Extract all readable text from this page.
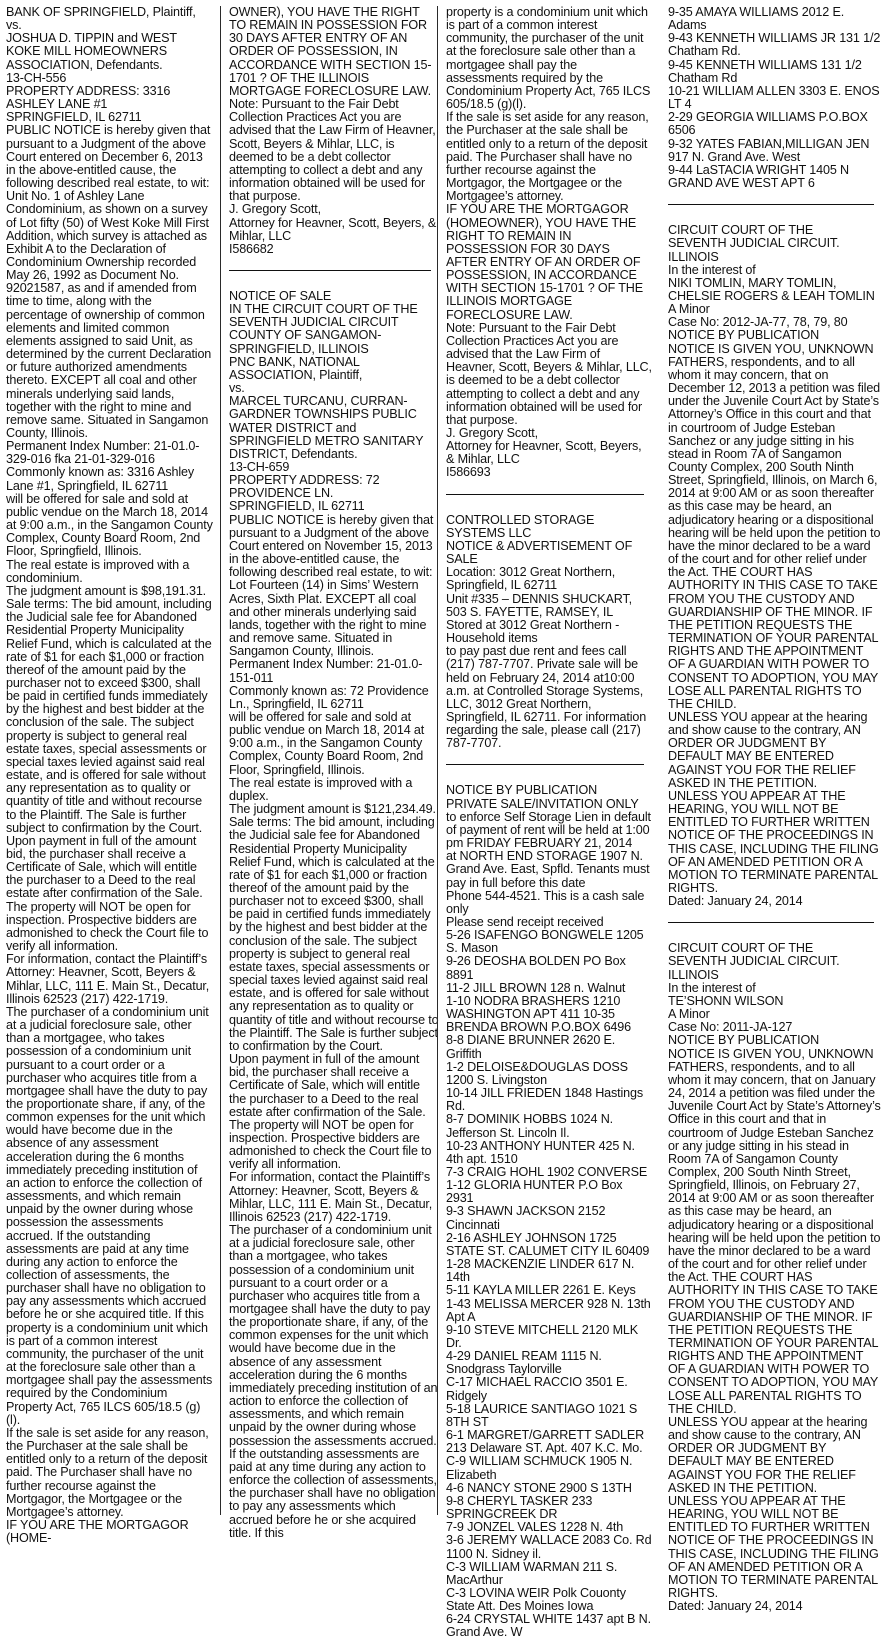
BANK OF SPRINGFIELD, Plaintiff,

vs.

JOSHUA D. TIPPIN and WEST KOKE MILL HOMEOWNERS ASSOCIATION, Defendants.

13-CH-556

PROPERTY ADDRESS: 3316 ASHLEY LANE #1

SPRINGFIELD, IL 62711

PUBLIC NOTICE is hereby given that pursuant to a Judgment of the above Court entered on December 6, 2013 in the above-entitled cause, the following described real estate, to wit:

Unit No. 1 of Ashley Lane Condominium, as shown on a survey of Lot fifty (50) of West Koke Mill First Addition, which survey is attached as Exhibit A to the Declaration of Condominium Ownership recorded May 26, 1992 as Document No. 92021587, as and if amended from time to time, along with the percentage of ownership of common elements and limited common elements assigned to said Unit, as determined by the current Declaration or future authorized amendments thereto. EXCEPT all coal and other minerals underlying said lands, together with the right to mine and remove same. Situated in Sangamon County, Illinois.

Permanent Index Number: 21-01.0-329-016 fka 21-01-329-016

Commonly known as: 3316 Ashley Lane #1, Springfield, IL 62711

will be offered for sale and sold at public vendue on the March 18, 2014 at 9:00 a.m., in the Sangamon County Complex, County Board Room, 2nd Floor, Springfield, Illinois.

The real estate is improved with a condominium.

The judgment amount is $98,191.31.

Sale terms: The bid amount, including the Judicial sale fee for Abandoned Residential Property Municipality Relief Fund, which is calculated at the rate of $1 for each $1,000 or fraction thereof of the amount paid by the purchaser not to exceed $300, shall be paid in certified funds immediately by the highest and best bidder at the conclusion of the sale. The subject property is subject to general real estate taxes, special assessments or special taxes levied against said real estate, and is offered for sale without any representation as to quality or quantity of title and without recourse to the Plaintiff. The Sale is further subject to confirmation by the Court.

Upon payment in full of the amount bid, the purchaser shall receive a Certificate of Sale, which will entitle the purchaser to a Deed to the real estate after confirmation of the Sale.

The property will NOT be open for inspection. Prospective bidders are admonished to check the Court file to verify all information.

For information, contact the Plaintiff’s Attorney: Heavner, Scott, Beyers & Mihlar, LLC, 111 E. Main St., Decatur, Illinois 62523 (217) 422-1719.

The purchaser of a condominium unit at a judicial foreclosure sale, other than a mortgagee, who takes possession of a condominium unit pursuant to a court order or a purchaser who acquires title from a mortgagee shall have the duty to pay the proportionate share, if any, of the common expenses for the unit which would have become due in the absence of any assessment acceleration during the 6 months immediately preceding institution of an action to enforce the collection of assessments, and which remain unpaid by the owner during whose possession the assessments accrued. If the outstanding assessments are paid at any time during any action to enforce the collection of assessments, the purchaser shall have no obligation to pay any assessments which accrued before he or she acquired title. If this property is a condominium unit which is part of a common interest community, the purchaser of the unit at the foreclosure sale other than a mortgagee shall pay the assessments required by the Condominium Property Act, 765 ILCS 605/18.5 (g)(l).

If the sale is set aside for any reason, the Purchaser at the sale shall be entitled only to a return of the deposit paid. The Purchaser shall have no further recourse against the Mortgagor, the Mortgagee or the Mortgagee’s attorney.

IF YOU ARE THE MORTGAGOR (HOME-

OWNER), YOU HAVE THE RIGHT TO REMAIN IN POSSESSION FOR 30 DAYS AFTER ENTRY OF AN ORDER OF POSSESSION, IN ACCORDANCE WITH SECTION 15-1701 ? OF THE ILLINOIS MORTGAGE FORECLOSURE LAW.

Note: Pursuant to the Fair Debt Collection Practices Act you are advised that the Law Firm of Heavner, Scott, Beyers & Mihlar, LLC, is deemed to be a debt collector attempting to collect a debt and any information obtained will be used for that purpose.

J. Gregory Scott,

Attorney for Heavner, Scott, Beyers, & Mihlar, LLC

I586682

NOTICE OF SALE

IN THE CIRCUIT COURT OF THE SEVENTH JUDICIAL CIRCUIT

COUNTY OF SANGAMON-SPRINGFIELD, ILLINOIS

PNC BANK, NATIONAL ASSOCIATION, Plaintiff,

vs.

MARCEL TURCANU, CURRAN- GARDNER TOWNSHIPS PUBLIC WATER DISTRICT and SPRINGFIELD METRO SANITARY DISTRICT, Defendants.

13-CH-659

PROPERTY ADDRESS: 72 PROVIDENCE LN.

SPRINGFIELD, IL 62711

PUBLIC NOTICE is hereby given that pursuant to a Judgment of the above Court entered on November 15, 2013 in the above-entitled cause, the following described real estate, to wit:

Lot Fourteen (14) in Sims’ Western Acres, Sixth Plat. EXCEPT all coal and other minerals underlying said lands, together with the right to mine and remove same. Situated in Sangamon County, Illinois.

Permanent Index Number: 21-01.0-151-011

Commonly known as: 72 Providence Ln., Springfield, IL 62711

will be offered for sale and sold at public vendue on March 18, 2014 at 9:00 a.m., in the Sangamon County Complex, County Board Room, 2nd Floor, Springfield, Illinois.

The real estate is improved with a duplex.

The judgment amount is $121,234.49.

Sale terms: The bid amount, including the Judicial sale fee for Abandoned Residential Property Municipality Relief Fund, which is calculated at the rate of $1 for each $1,000 or fraction thereof of the amount paid by the purchaser not to exceed $300, shall be paid in certified funds immediately by the highest and best bidder at the conclusion of the sale. The subject property is subject to general real estate taxes, special assessments or special taxes levied against said real estate, and is offered for sale without any representation as to quality or quantity of title and without recourse to the Plaintiff. The Sale is further subject to confirmation by the Court.

Upon payment in full of the amount bid, the purchaser shall receive a Certificate of Sale, which will entitle the purchaser to a Deed to the real estate after confirmation of the Sale.

The property will NOT be open for inspection. Prospective bidders are admonished to check the Court file to verify all information.

For information, contact the Plaintiff’s Attorney: Heavner, Scott, Beyers & Mihlar, LLC, 111 E. Main St., Decatur, Illinois 62523 (217) 422-1719.

The purchaser of a condominium unit at a judicial foreclosure sale, other than a mortgagee, who takes possession of a condominium unit pursuant to a court order or a purchaser who acquires title from a mortgagee shall have the duty to pay the proportionate share, if any, of the common expenses for the unit which would have become due in the absence of any assessment acceleration during the 6 months immediately preceding institution of an action to enforce the collection of assessments, and which remain unpaid by the owner during whose possession the assessments accrued. If the outstanding assessments are paid at any time during any action to enforce the collection of assessments, the purchaser shall have no obligation to pay any assessments which accrued before he or she acquired title. If this

property is a condominium unit which is part of a common interest community, the purchaser of the unit at the foreclosure sale other than a mortgagee shall pay the assessments required by the Condominium Property Act, 765 ILCS 605/18.5 (g)(l).

If the sale is set aside for any reason, the Purchaser at the sale shall be entitled only to a return of the deposit paid. The Purchaser shall have no further recourse against the Mortgagor, the Mortgagee or the Mortgagee’s attorney.

IF YOU ARE THE MORTGAGOR (HOMEOWNER), YOU HAVE THE RIGHT TO REMAIN IN POSSESSION FOR 30 DAYS AFTER ENTRY OF AN ORDER OF POSSESSION, IN ACCORDANCE WITH SECTION 15-1701 ? OF THE ILLINOIS MORTGAGE FORECLOSURE LAW.

Note: Pursuant to the Fair Debt Collection Practices Act you are advised that the Law Firm of Heavner, Scott, Beyers & Mihlar, LLC, is deemed to be a debt collector

attempting to collect a debt and any information obtained will be used for that purpose.

J. Gregory Scott,

Attorney for Heavner, Scott, Beyers, & Mihlar, LLC

I586693

CONTROLLED STORAGE SYSTEMS LLC

NOTICE & ADVERTISEMENT OF SALE

Location: 3012 Great Northern, Springfield, IL 62711

Unit #335 – DENNIS SHUCKART, 503 S. FAYETTE, RAMSEY, IL

Stored at 3012 Great Northern - Household items

to pay past due rent and fees call (217) 787-7707. Private sale will be held on February 24, 2014 at10:00 a.m. at Controlled Storage Systems, LLC, 3012 Great Northern, Springfield, IL 62711. For information regarding the sale, please call (217) 787-7707.

NOTICE BY PUBLICATION

PRIVATE SALE/INVITATION ONLY

to enforce Self Storage Lien in default of payment of rent will be held at 1:00 pm FRIDAY FEBRUARY 21, 2014

at NORTH END STORAGE 1907 N. Grand Ave. East, Spfld. Tenants must pay in full before this date

Phone 544-4521. This is a cash sale only

Please send receipt received

5-26 ISAFENGO BONGWELE 1205 S. Mason

9-26 DEOSHA BOLDEN PO Box 8891

11-2 JILL BROWN 128 n. Walnut

1-10 NODRA BRASHERS 1210 WASHINGTON APT 411 10-35 BRENDA BROWN P.O.BOX 6496

8-8 DIANE BRUNNER 2620 E. Griffith

1-2 DELOISE&DOUGLAS DOSS 1200 S. Livingston

10-14 JILL FRIEDEN 1848 Hastings Rd.

8-7 DOMINIK HOBBS 1024 N. Jefferson St. Lincoln Il.

10-23 ANTHONY HUNTER 425 N. 4th apt. 1510

7-3 CRAIG HOHL 1902 CONVERSE

1-12 GLORIA HUNTER P.O Box 2931

9-3 SHAWN JACKSON 2152 Cincinnati

2-16 ASHLEY JOHNSON 1725 STATE ST. CALUMET CITY IL 60409

1-28 MACKENZIE LINDER 617 N. 14th

5-11 KAYLA MILLER 2261 E. Keys

1-43 MELISSA MERCER 928 N. 13th Apt A

9-10 STEVE MITCHELL 2120 MLK Dr.

4-29 DANIEL REAM 1115 N. Snodgrass Taylorville

C-17 MICHAEL RACCIO 3501 E. Ridgely

5-18 LAURICE SANTIAGO 1021 S 8TH ST

6-1 MARGRET/GARRETT SADLER 213 Delaware ST. Apt. 407 K.C. Mo.

C-9 WILLIAM SCHMUCK 1905 N. Elizabeth

4-6 NANCY STONE 2900 S 13TH

9-8 CHERYL TASKER 233 SPRINGCREEK DR

7-9 JONZEL VALES 1228 N. 4th

3-6 JEREMY WALLACE 2083 Co. Rd 1100 N. Sidney il.

C-3 WILLIAM WARMAN 211 S. MacArthur

C-3 LOVINA WEIR Polk Couonty State Att. Des Moines Iowa

6-24 CRYSTAL WHITE 1437 apt B N. Grand Ave. W

9-35 AMAYA WILLIAMS 2012 E. Adams

9-43 KENNETH WILLIAMS JR 131 1/2 Chatham Rd.

9-45 KENNETH WILLIAMS 131 1/2 Chatham Rd

10-21 WILLIAM ALLEN 3303 E. ENOS LT 4

2-29 GEORGIA WILLIAMS P.O.BOX 6506

9-32 YATES FABIAN,MILLIGAN JEN 917 N. Grand Ave. West

9-44 LaSTACIA WRIGHT 1405 N GRAND AVE WEST APT 6

CIRCUIT COURT OF THE

SEVENTH JUDICIAL CIRCUIT. ILLINOIS

In the interest of

NIKI TOMLIN, MARY TOMLIN, CHELSIE ROGERS & LEAH TOMLIN

A Minor

Case No: 2012-JA-77, 78, 79, 80

NOTICE BY PUBLICATION

NOTICE IS GIVEN YOU, UNKNOWN FATHERS, respondents, and to all whom it may concern, that on December 12, 2013 a petition was filed under the Juvenile Court Act by State’s Attorney’s Office in this court and that in courtroom of Judge Esteban Sanchez or any judge sitting in his stead in Room 7A of Sangamon County Complex, 200 South Ninth Street, Springfield, Illinois, on March 6, 2014 at 9:00 AM or as soon thereafter as this case may be heard, an adjudicatory hearing or a dispositional hearing will be held upon the petition to have the minor declared to be a ward of the court and for other relief under the Act. THE COURT HAS AUTHORITY IN THIS CASE TO TAKE FROM YOU THE CUSTODY AND GUARDIANSHIP OF THE MINOR. IF THE PETITION REQUESTS THE TERMINATION OF YOUR PARENTAL RIGHTS AND THE APPOINTMENT OF A GUARDIAN WITH POWER TO CONSENT TO ADOPTION, YOU MAY LOSE ALL PARENTAL RIGHTS TO THE CHILD.

UNLESS YOU appear at the hearing and show cause to the contrary, AN ORDER OR JUDGMENT BY DEFAULT MAY BE ENTERED AGAINST YOU FOR THE RELIEF ASKED IN THE PETITION.

UNLESS YOU APPEAR AT THE HEARING, YOU WILL NOT BE ENTITLED TO FURTHER WRITTEN NOTICE OF THE PROCEEDINGS IN THIS CASE, INCLUDING THE FILING OF AN AMENDED PETITION OR A MOTION TO TERMINATE PARENTAL RIGHTS.

Dated: January 24, 2014

CIRCUIT COURT OF THE

SEVENTH JUDICIAL CIRCUIT. ILLINOIS

In the interest of

TE’SHONN WILSON

A Minor

Case No: 2011-JA-127

NOTICE BY PUBLICATION

NOTICE IS GIVEN YOU, UNKNOWN FATHERS, respondents, and to all whom it may concern, that on January 24, 2014 a petition was filed under the Juvenile Court Act by State’s Attorney’s Office in this court and that in courtroom of Judge Esteban Sanchez or any judge sitting in his stead in Room 7A of Sangamon County Complex, 200 South Ninth Street, Springfield, Illinois, on February 27, 2014 at 9:00 AM or as soon thereafter as this case may be heard, an adjudicatory hearing or a dispositional hearing will be held upon the petition to have the minor declared to be a ward of the court and for other relief under the Act. THE COURT HAS AUTHORITY IN THIS CASE TO TAKE FROM YOU THE CUSTODY AND GUARDIANSHIP OF THE MINOR. IF THE PETITION REQUESTS THE TERMINATION OF YOUR PARENTAL RIGHTS AND THE APPOINTMENT OF A GUARDIAN WITH POWER TO CONSENT TO ADOPTION, YOU MAY LOSE ALL PARENTAL RIGHTS TO THE CHILD.

UNLESS YOU appear at the hearing and show cause to the contrary, AN ORDER OR JUDGMENT BY DEFAULT MAY BE ENTERED AGAINST YOU FOR THE RELIEF ASKED IN THE PETITION.

UNLESS YOU APPEAR AT THE HEARING, YOU WILL NOT BE ENTITLED TO FURTHER WRITTEN NOTICE OF THE PROCEEDINGS IN THIS CASE, INCLUDING THE FILING OF AN AMENDED PETITION OR A MOTION TO TERMINATE PARENTAL RIGHTS.

Dated: January 24, 2014
